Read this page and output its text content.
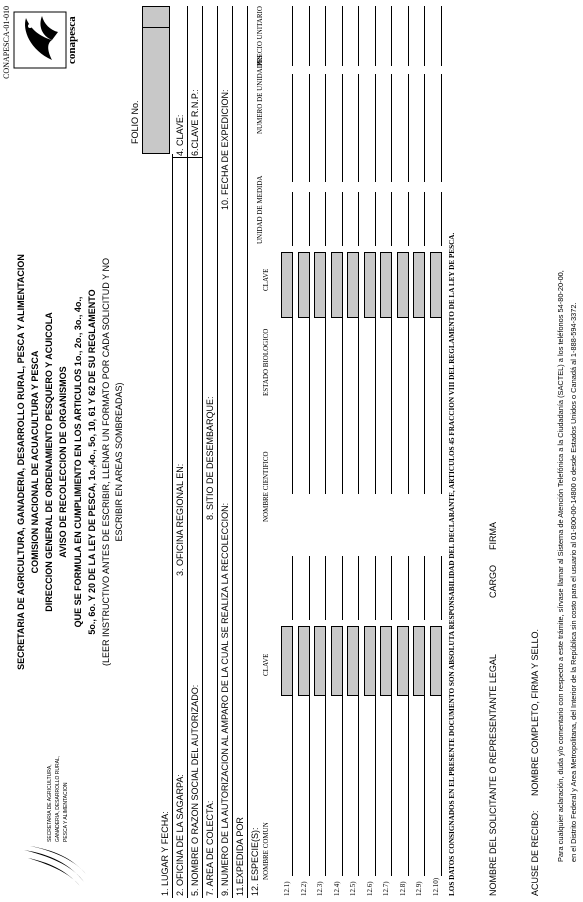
CONAPESCA-01-010
SECRETARIA DE AGRICULTURA, GANADERIA, DESARROLLO RURAL, PESCA Y ALIMENTACION
conapesca
SECRETARIA DE AGRICULTURA, GANADERIA, DESARROLLO RURAL, PESCA Y ALIMENTACION COMISION NACIONAL DE ACUACULTURA Y PESCA DIRECCION GENERAL DE ORDENAMIENTO PESQUERO Y ACUICOLA AVISO DE RECOLECCION DE ORGANISMOS QUE SE FORMULA EN CUMPLIMIENTO EN LOS ARTICULOS 1o., 2o., 3o., 4o., 5o., 6o. Y 20 DE LA LEY DE PESCA, 1o.,4o., 5o, 10, 61 Y 62 DE SU REGLAMENTO (LEER INSTRUCTIVO ANTES DE ESCRIBIR, LLENAR UN FORMATO POR CADA SOLICITUD Y NO ESCRIBIR EN AREAS SOMBREADAS)
FOLIO No.
1. LUGAR Y FECHA: 2. OFICINA DE LA SAGARPA:
3. OFICINA REGIONAL EN:
4. CLAVE:
5. NOMBRE O RAZON SOCIAL DEL AUTORIZADO:
6.CLAVE R.N.P.:
7. AREA DE COLECTA:
8. SITIO DE DESEMBARQUE:
9. NUMERO DE LA AUTORIZACION AL AMPARO DE LA CUAL SE REALIZA LA RECOLECCION:
10. FECHA DE EXPEDICION:
11.EXPEDIDA POR 12. ESPECIE(S): NOMBRE COMUN
CLAVE
NOMBRE CIENTIFICO
ESTADO BIOLOGICO
CLAVE
UNIDAD DE MEDIDA
NUMERO DE UNIDADES
PRECIO UNITARIO
12.1) 12.2) 12.3) 12.4) 12.5) 12.6) 12.7) 12.8) 12.9) 12.10) LOS DATOS CONSIGNADOS EN EL PRESENTE DOCUMENTO SON ABSOLUTA RESPONSABILIDAD DEL DECLARANTE, ARTICULOS 45 FRACCION VIII DEL REGLAMENTO DE LA LEY DE PESCA.	NOMBRE DEL SOLICITANTE O REPRESENTANTE LEGAL
CARGO
FIRMA
ACUSE DE RECIBO:
NOMBRE COMPLETO, FIRMA Y SELLO. Para cualquier aclaración, duda y/o comentario con respecto a este trámite, sírvase llamar al Sistema de Atención Telefónica a la Ciudadanía (SACTEL) a los teléfonos 54-80-20-00, en el Distrito Federal y Area Metropolitana, del Interior de la República sin costo para el usuario al 01-800-00-14800 o desde Estados Unidos o Canadá al 1-888-594-3372.
